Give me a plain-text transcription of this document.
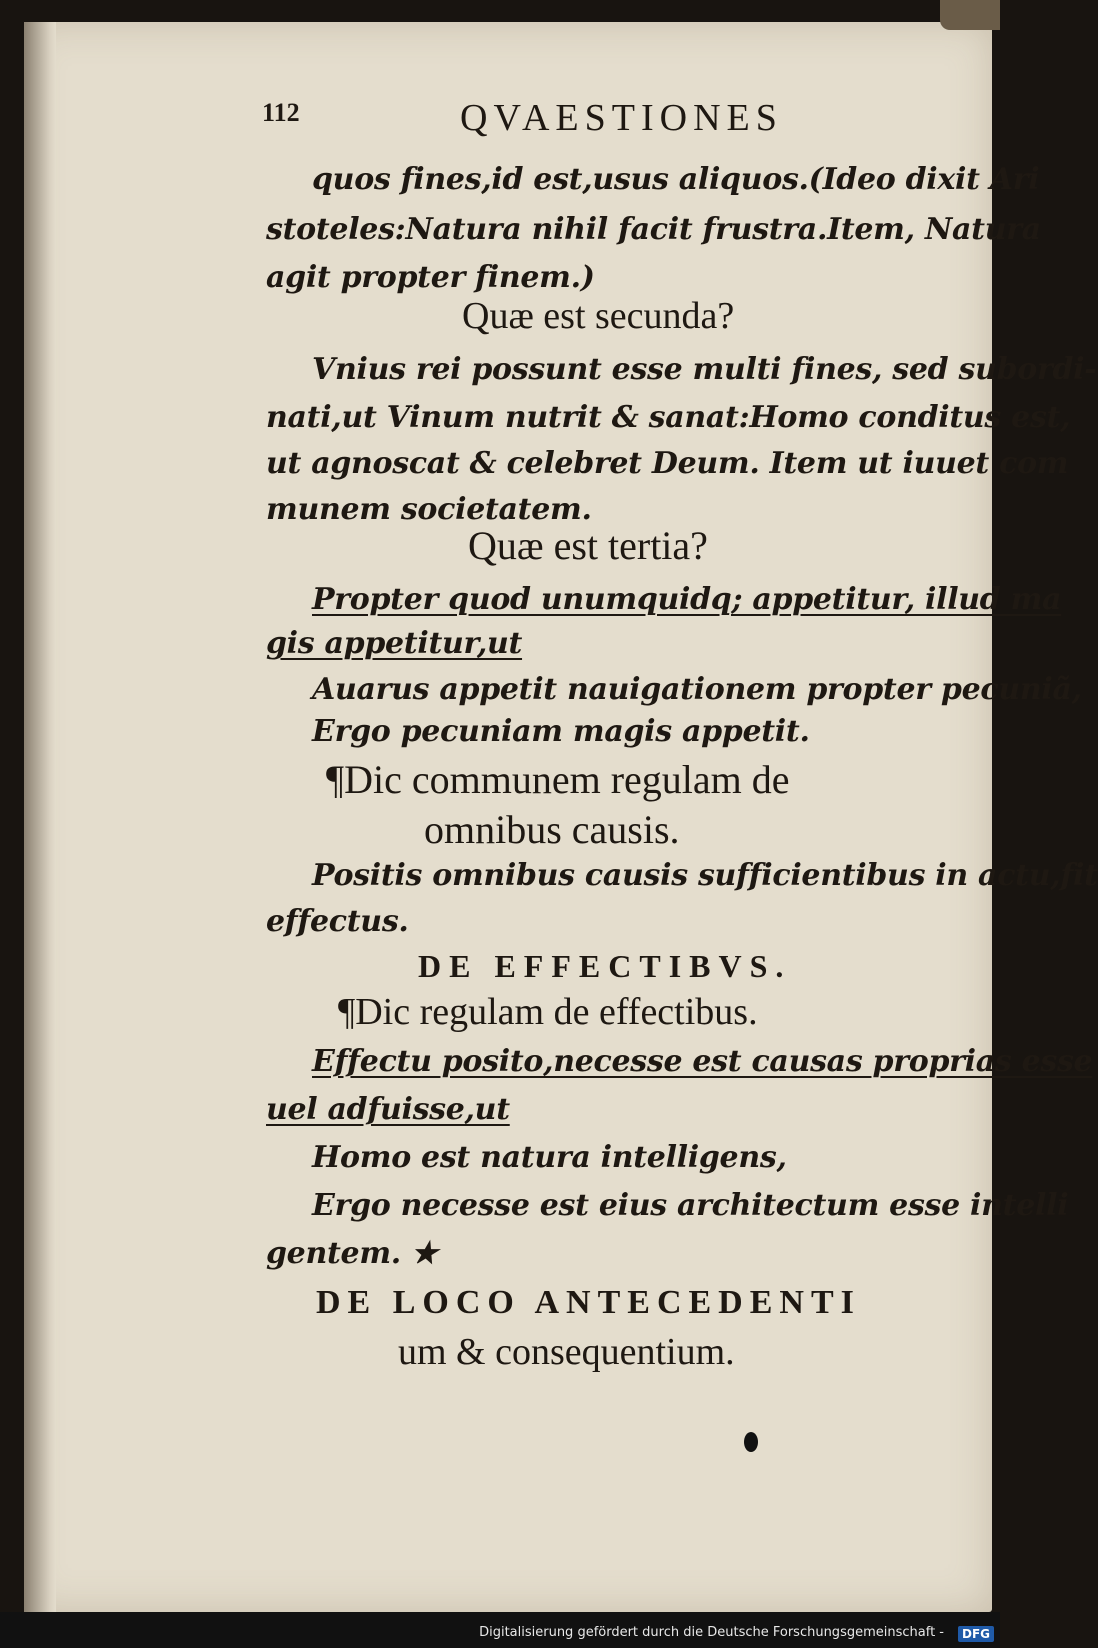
112	QVAESTIONES
quos fines,id est,usus aliquos.(Ideo dixit Ari
stoteles:Natura nihil facit frustra.Item, Natura
agit propter finem.)
Quæ est secunda?
Vnius rei possunt esse multi fines, sed subordi-
nati,ut Vinum nutrit & sanat:Homo conditus est,
ut agnoscat & celebret Deum. Item ut iuuet com
munem societatem.
Quæ est tertia?
Propter quod unumquidq; appetitur, illud ma
gis appetitur,ut
Auarus appetit nauigationem propter pecuniã,
Ergo pecuniam magis appetit.
¶Dic communem regulam de
omnibus causis.
Positis omnibus causis sufficientibus in actu,fit
effectus.
DE EFFECTIBVS.
¶Dic regulam de effectibus.
Effectu posito,necesse est causas proprias esse
uel adfuisse,ut
Homo est natura intelligens,
Ergo necesse est eius architectum esse intelli
gentem. ★
DE LOCO ANTECEDENTI
um & consequentium.
Digitalisierung gefördert durch die Deutsche Forschungsgemeinschaft -	DFG
